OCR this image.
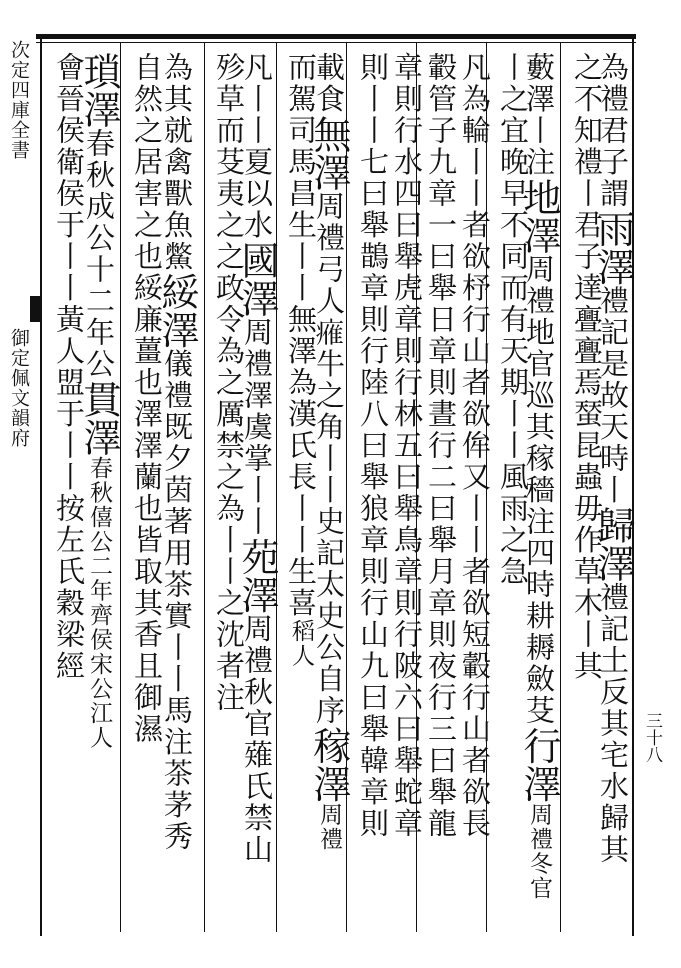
次定四庫全書
御定佩文韻府
為禮君子謂雨澤禮記是故天時丨歸澤禮記土反其宅水歸其
之不知禮丨君子達亹亹焉蝅昆蟲毋作草木丨其
藪澤丨注地澤周禮地官巡其稼穡注四時耕耨斂芟行澤周禮冬官
丨之宜晚早不同而有天期丨丨風雨之急
凡為輪丨丨者欲杼行山者欲侔又丨丨者欲短轂行山者欲長
轂管子九章一曰舉日章則晝行二曰舉月章則夜行三曰舉龍
章則行水四曰舉虎章則行林五曰舉鳥章則行陂六曰舉蛇章
則丨丨七曰舉鵲章則行陸八曰舉狼章則行山九曰舉韓章則
載食無澤周禮弓人𤸰牛之角丨丨史記太史公自序稼澤周禮
而駕司馬昌生丨丨無澤為漢氏長丨丨生喜稻人
凡丨丨夏以水國澤周禮澤虞掌丨丨苑澤周禮秋官薙氏禁山
殄草而芟夷之之政令為之厲禁之為丨丨之沈者注
為其就禽獸魚鱉綏澤儀禮既夕茵著用茶實丨丨馬注茶茅秀
自然之居害之也綏廉薑也澤澤蘭也皆取其香且御濕
瑣澤春秋成公十二年公貫澤春秋僖公二年齊侯宋公江人
會晉侯衛侯于丨丨黃人盟于丨丨按左氏穀梁經
三十八
